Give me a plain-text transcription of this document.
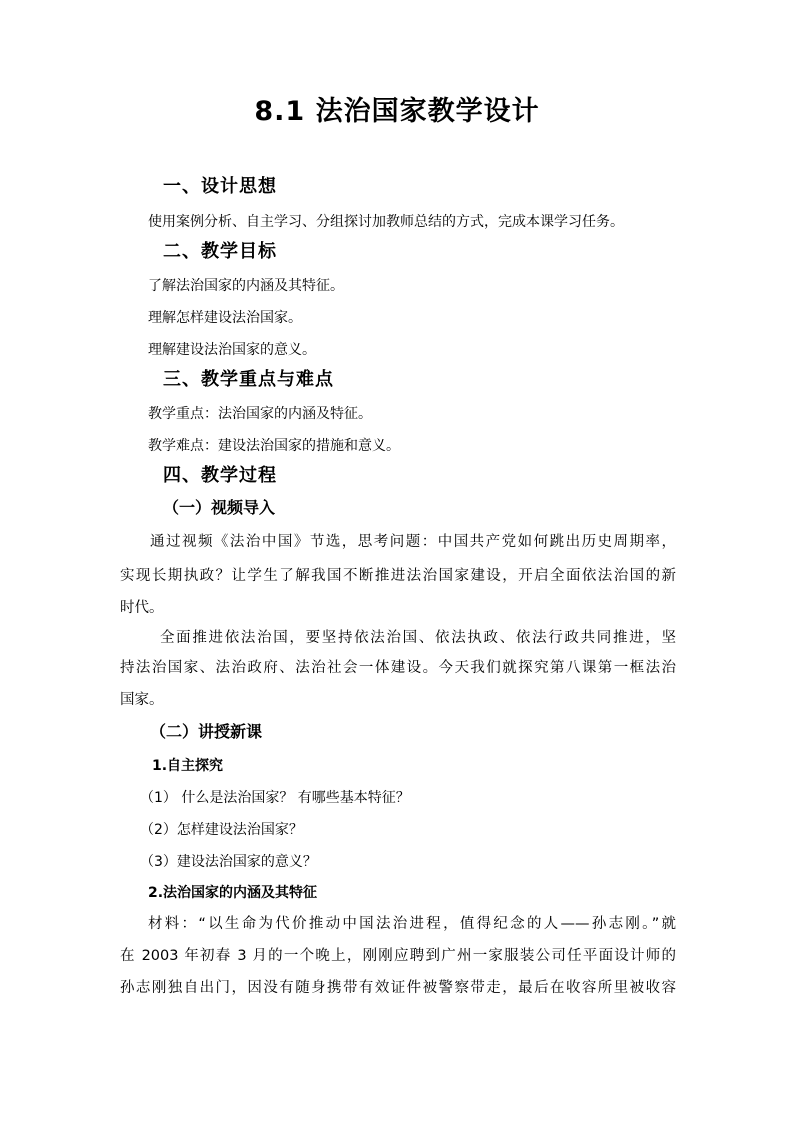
8.1 法治国家教学设计
一、设计思想
使用案例分析、自主学习、分组探讨加教师总结的方式，完成本课学习任务。
二、教学目标
了解法治国家的内涵及其特征。
理解怎样建设法治国家。
理解建设法治国家的意义。
三、教学重点与难点
教学重点：法治国家的内涵及特征。
教学难点：建设法治国家的措施和意义。
四、教学过程
（一）视频导入
通过视频《法治中国》节选，思考问题：中国共产党如何跳出历史周期率，
实现长期执政？让学生了解我国不断推进法治国家建设，开启全面依法治国的新
时代。
全面推进依法治国，要坚持依法治国、依法执政、依法行政共同推进，坚
持法治国家、法治政府、法治社会一体建设。今天我们就探究第八课第一框法治
国家。
（二）讲授新课
1.自主探究
（1） 什么是法治国家？ 有哪些基本特征？
（2）怎样建设法治国家？
（3）建设法治国家的意义？
2.法治国家的内涵及其特征
材料：“以生命为代价推动中国法治进程，值得纪念的人——孙志刚。”就
在 2003 年初春 3 月的一个晚上，刚刚应聘到广州一家服装公司任平面设计师的
孙志刚独自出门，因没有随身携带有效证件被警察带走，最后在收容所里被收容
